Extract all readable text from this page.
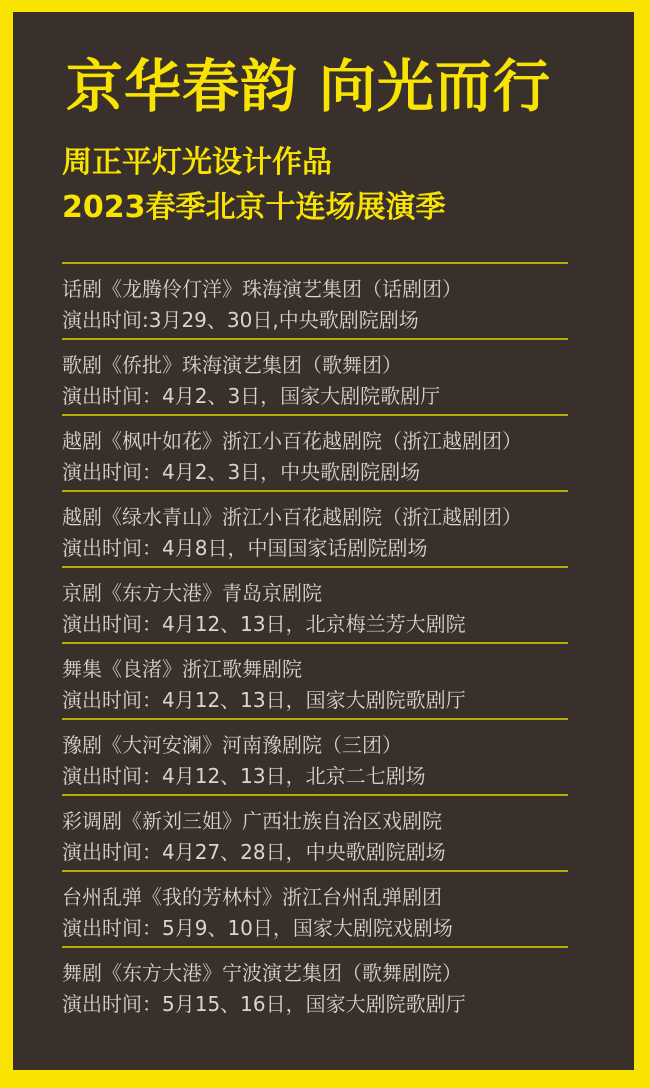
京华春韵 向光而行
周正平灯光设计作品
2023春季北京十连场展演季
话剧《龙腾伶仃洋》珠海演艺集团（话剧团）
演出时间:3月29、30日,中央歌剧院剧场
歌剧《侨批》珠海演艺集团（歌舞团）
演出时间：4月2、3日，国家大剧院歌剧厅
越剧《枫叶如花》浙江小百花越剧院（浙江越剧团）
演出时间：4月2、3日，中央歌剧院剧场
越剧《绿水青山》浙江小百花越剧院（浙江越剧团）
演出时间：4月8日，中国国家话剧院剧场
京剧《东方大港》青岛京剧院
演出时间：4月12、13日，北京梅兰芳大剧院
舞集《良渚》浙江歌舞剧院
演出时间：4月12、13日，国家大剧院歌剧厅
豫剧《大河安澜》河南豫剧院（三团）
演出时间：4月12、13日，北京二七剧场
彩调剧《新刘三姐》广西壮族自治区戏剧院
演出时间：4月27、28日，中央歌剧院剧场
台州乱弹《我的芳林村》浙江台州乱弹剧团
演出时间：5月9、10日，国家大剧院戏剧场
舞剧《东方大港》宁波演艺集团（歌舞剧院）
演出时间：5月15、16日，国家大剧院歌剧厅
